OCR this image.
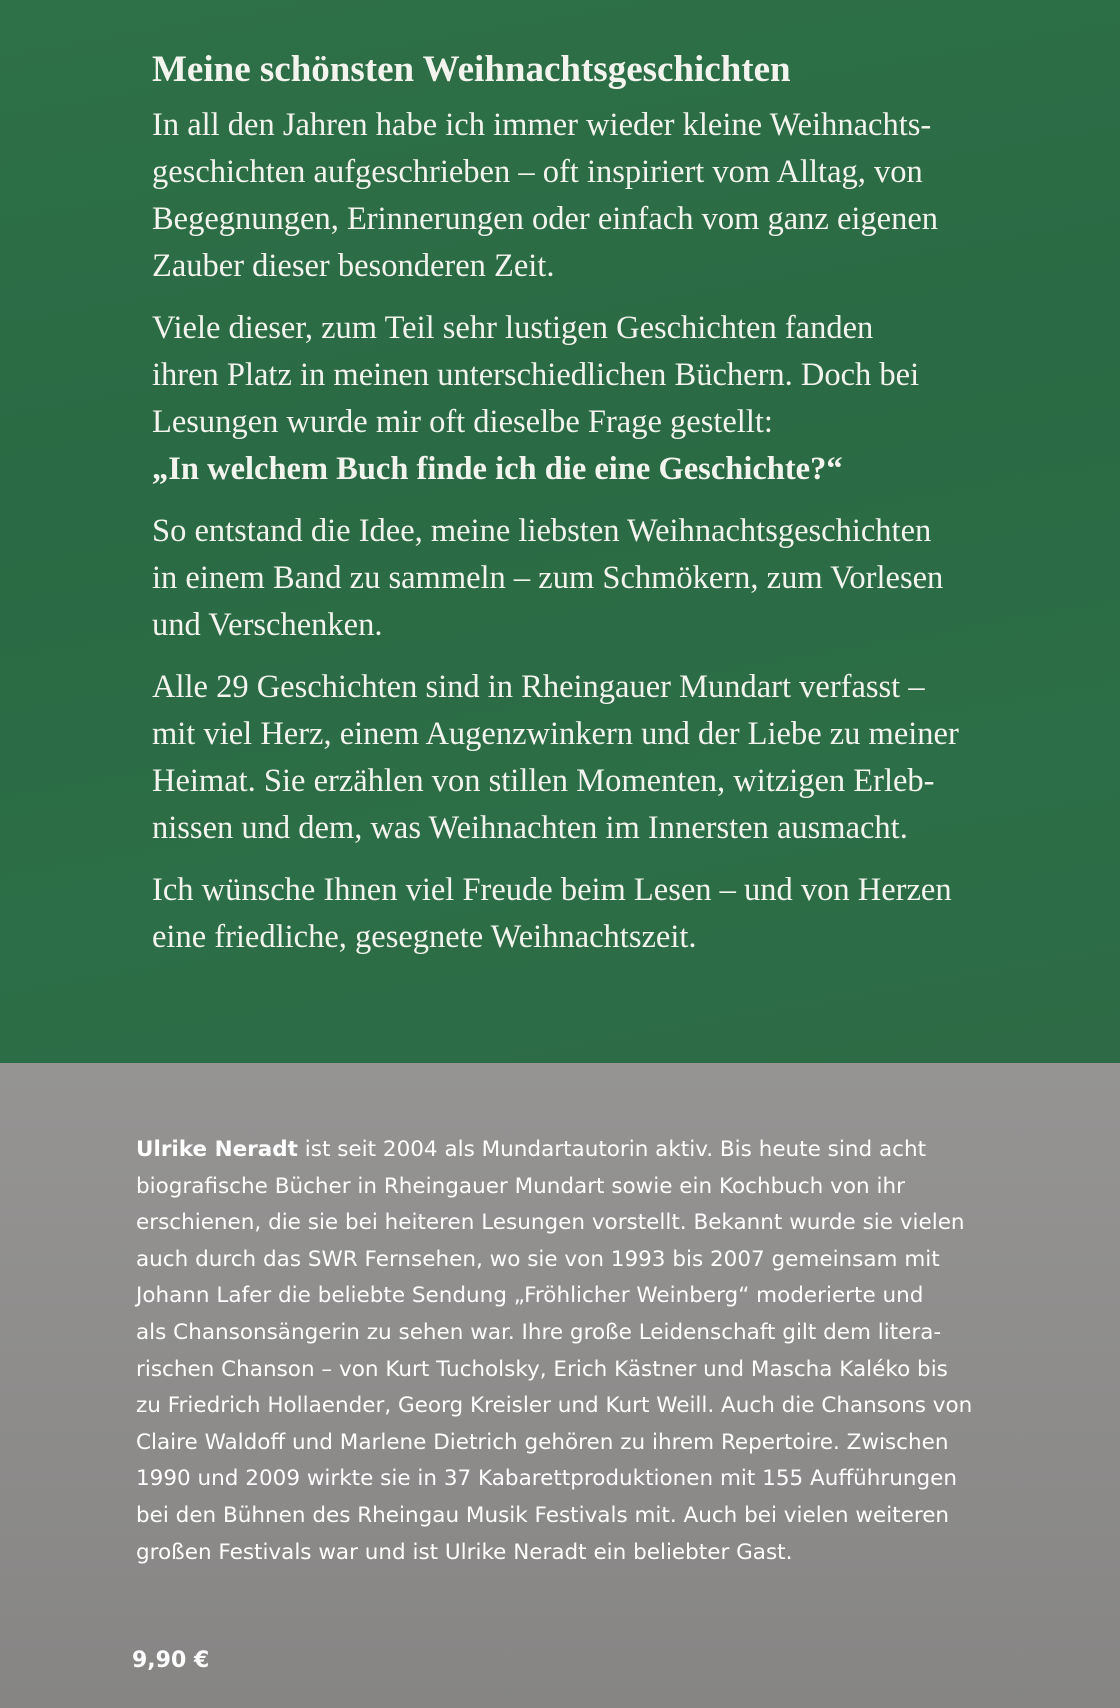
Meine schönsten Weihnachtsgeschichten
In all den Jahren habe ich immer wieder kleine Weihnachts-
geschichten aufgeschrieben – oft inspiriert vom Alltag, von
Begegnungen, Erinnerungen oder einfach vom ganz eigenen
Zauber dieser besonderen Zeit.
Viele dieser, zum Teil sehr lustigen Geschichten fanden
ihren Platz in meinen unterschiedlichen Büchern. Doch bei
Lesungen wurde mir oft dieselbe Frage gestellt:
„In welchem Buch finde ich die eine Geschichte?“
So entstand die Idee, meine liebsten Weihnachtsgeschichten
in einem Band zu sammeln – zum Schmökern, zum Vorlesen
und Verschenken.
Alle 29 Geschichten sind in Rheingauer Mundart verfasst –
mit viel Herz, einem Augenzwinkern und der Liebe zu meiner
Heimat. Sie erzählen von stillen Momenten, witzigen Erleb-
nissen und dem, was Weihnachten im Innersten ausmacht.
Ich wünsche Ihnen viel Freude beim Lesen – und von Herzen
eine friedliche, gesegnete Weihnachtszeit.
Ulrike Neradt ist seit 2004 als Mundartautorin aktiv. Bis heute sind acht
biografische Bücher in Rheingauer Mundart sowie ein Kochbuch von ihr
erschienen, die sie bei heiteren Lesungen vorstellt. Bekannt wurde sie vielen
auch durch das SWR Fernsehen, wo sie von 1993 bis 2007 gemeinsam mit
Johann Lafer die beliebte Sendung „Fröhlicher Weinberg“ moderierte und
als Chansonsängerin zu sehen war. Ihre große Leidenschaft gilt dem litera-
rischen Chanson – von Kurt Tucholsky, Erich Kästner und Mascha Kaléko bis
zu Friedrich Hollaender, Georg Kreisler und Kurt Weill. Auch die Chansons von
Claire Waldoff und Marlene Dietrich gehören zu ihrem Repertoire. Zwischen
1990 und 2009 wirkte sie in 37 Kabarettproduktionen mit 155 Aufführungen
bei den Bühnen des Rheingau Musik Festivals mit. Auch bei vielen weiteren
großen Festivals war und ist Ulrike Neradt ein beliebter Gast.
9,90 €
